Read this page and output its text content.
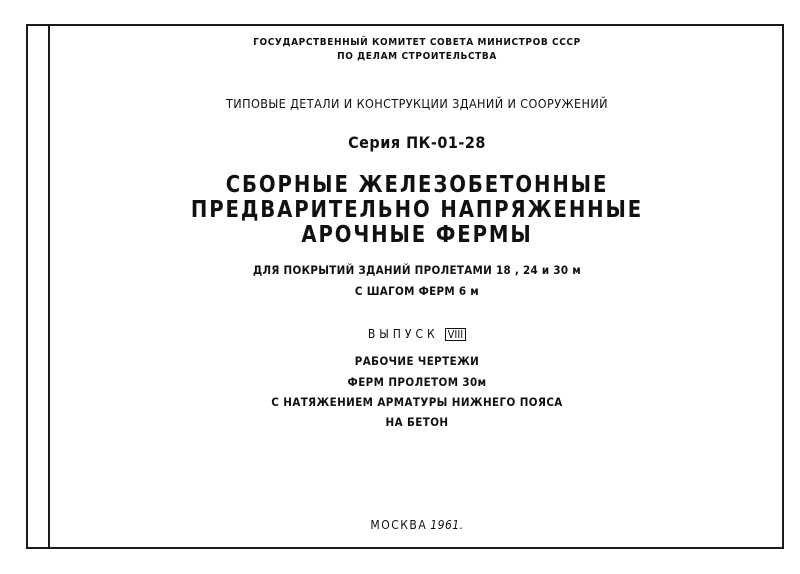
ГОСУДАРСТВЕННЫЙ КОМИТЕТ СОВЕТА МИНИСТРОВ СССР
ПО ДЕЛАМ СТРОИТЕЛЬСТВА
ТИПОВЫЕ ДЕТАЛИ И КОНСТРУКЦИИ ЗДАНИЙ И СООРУЖЕНИЙ
Серия ПК-01-28
СБОРНЫЕ ЖЕЛЕЗОБЕТОННЫЕ
ПРЕДВАРИТЕЛЬНО НАПРЯЖЕННЫЕ
АРОЧНЫЕ ФЕРМЫ
ДЛЯ ПОКРЫТИЙ ЗДАНИЙ ПРОЛЕТАМИ 18 , 24 и 30 м
С ШАГОМ ФЕРМ 6 м
ВЫПУСК VIII
РАБОЧИЕ ЧЕРТЕЖИ
ФЕРМ ПРОЛЕТОМ 30м
С НАТЯЖЕНИЕМ АРМАТУРЫ НИЖНЕГО ПОЯСА
НА БЕТОН
МОСКВА 1961.
